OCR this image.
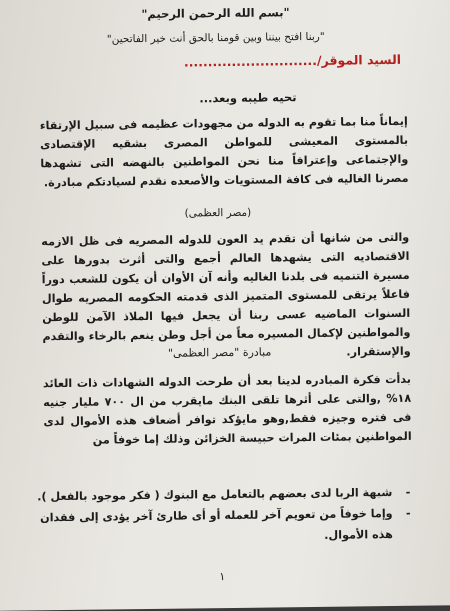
"بسم الله الرحمن الرحيم"
"ربنا افتح بيننا وبين قومنا بالحق أنت خير الفاتحين"
السيد الموقر/............................
تحيه طيبه وبعد...
إيماناً منا بما تقوم به الدوله من مجهودات عظيمه فى سبيل الإرتقاء بالمستوى المعيشى للمواطن المصرى بشقيه الإقتصادى والإجتماعى وإعترافاً منا نحن المواطنين بالنهضه التى تشهدها مصرنا الغاليه فى كافة المستويات والأصعده نقدم لسيادتكم مبادرة.
(مصر العظمى)
والتى من شانها أن تقدم يد العون للدوله المصريه فى ظل الازمه الاقتصاديه التى يشهدها العالم أجمع والتى أثرت بدورها على مسيرة التنميه فى بلدنا الغاليه وأنه آن الأوان أن يكون للشعب دوراً فاعلاً يرتقى للمستوى المتميز الذى قدمته الحكومه المصريه طوال السنوات الماضيه عسى ربنا أن يجعل فيها الملاذ الآمن للوطن والمواطنين لإكمال المسيره معاً من أجل وطن ينعم بالرخاء والتقدم والإستقرار.
مبادرة "مصر العظمى"
بدأت فكرة المبادره لدينا بعد أن طرحت الدوله الشهادات ذات العائد ١٨% ,والتى على أثرها تلقى البنك مايقرب من ال ٧٠٠ مليار جنيه فى فتره وجيزه فقط,وهو مايؤكد توافر أضعاف هذه الأموال لدى المواطنين بمئات المرات حبيسة الخزائن وذلك إما خوفاً من
-
شبهة الربا لدى بعضهم بالتعامل مع البنوك ( فكر موجود بالفعل ).
-
وإما خوفاً من تعويم آخر للعمله أو أى طارئ آخر يؤدى إلى فقدان هذه الأموال.
١
